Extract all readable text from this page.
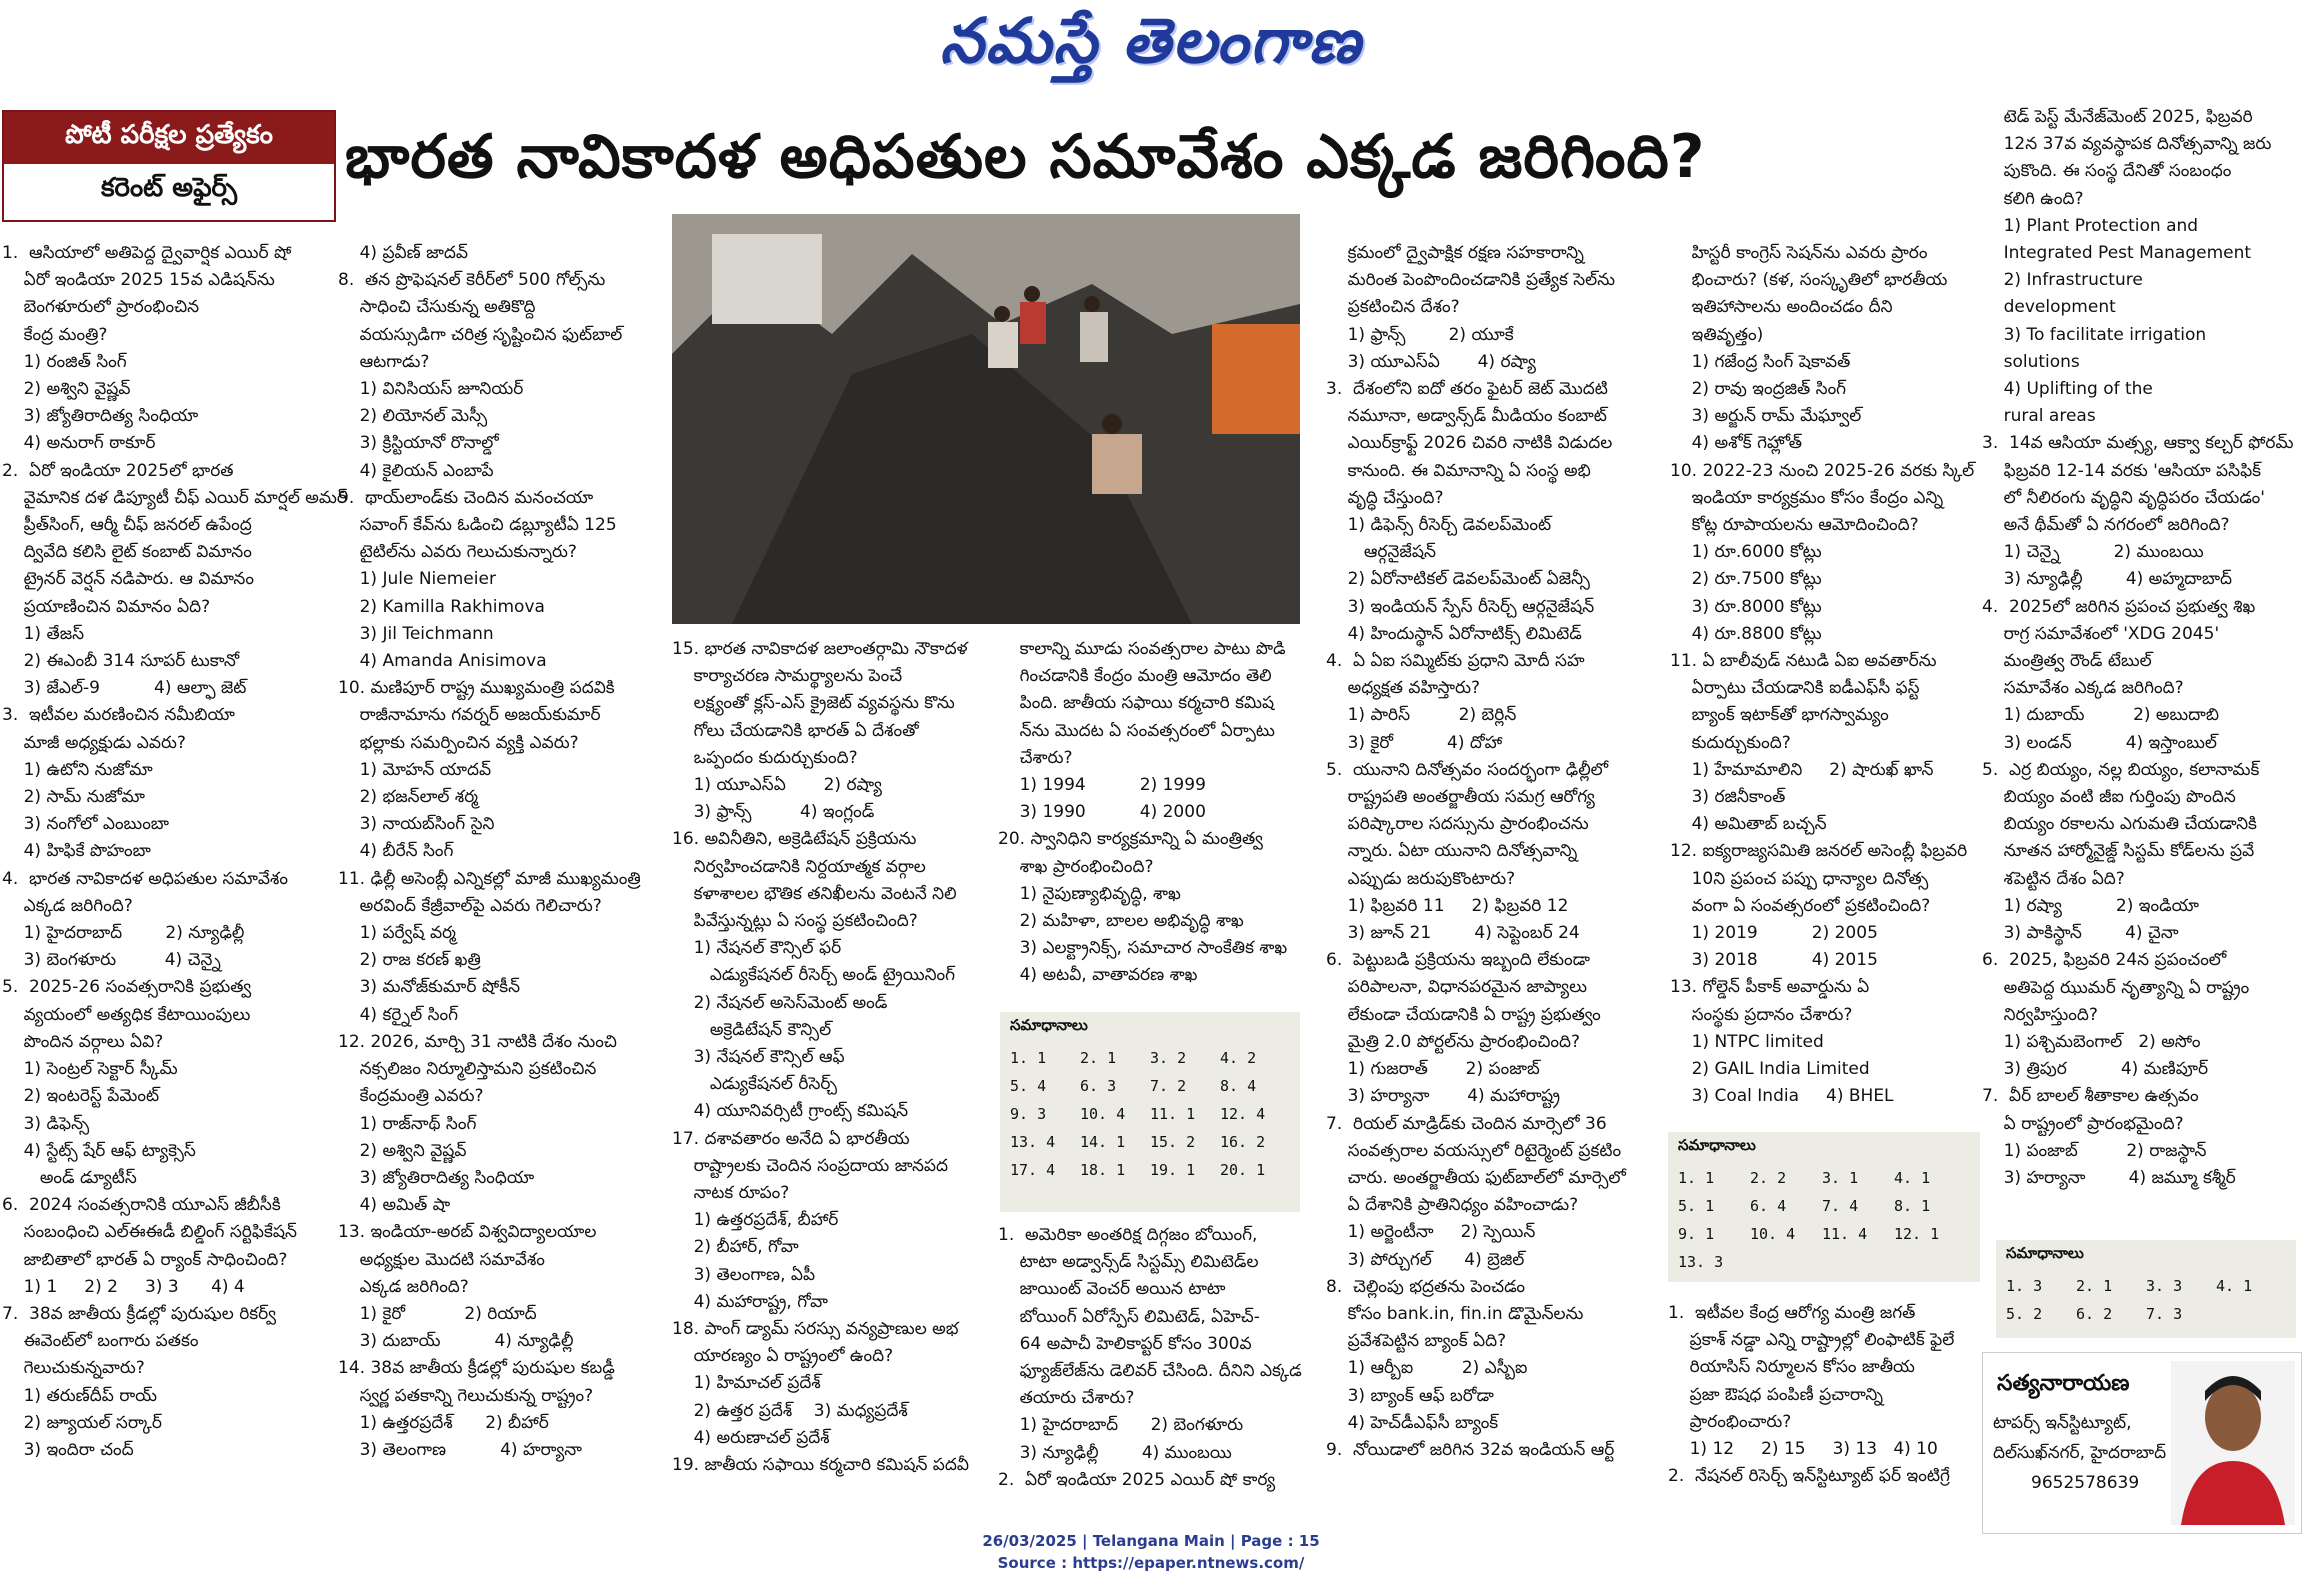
నమస్తే తెలంగాణ
పోటీ పరీక్షల ప్రత్యేకం
కరెంట్ అఫైర్స్	భారత నావికాదళ అధిపతుల సమావేశం ఎక్కడ జరిగింది?
1.  ఆసియాలో అతిపెద్ద ద్వైవార్షిక ఎయిర్ షో
ఏరో ఇండియా 2025 15వ ఎడిషన్‌ను
బెంగళూరులో ప్రారంభించిన
కేంద్ర మంత్రి?
1) రంజిత్ సింగ్
2) అశ్విని వైష్ణవ్
3) జ్యోతిరాదిత్య సింధియా
4) అనురాగ్ ఠాకూర్
2.  ఏరో ఇండియా 2025లో భారత
వైమానిక దళ డిప్యూటీ చీఫ్ ఎయిర్ మార్షల్ అమర్
ప్రీత్‌సింగ్, ఆర్మీ చీఫ్ జనరల్ ఉపేంద్ర
ద్వివేది కలిసి లైట్ కంబాట్ విమానం
ట్రైనర్ వెర్షన్ నడిపారు. ఆ విమానం
ప్రయాణించిన విమానం ఏది?
1) తేజస్
2) ఈఎంబీ 314 సూపర్ టుకానో
3) జేఎల్-9          4) ఆల్ఫా జెట్
3.  ఇటీవల మరణించిన నమీబియా
మాజీ అధ్యక్షుడు ఎవరు?
1) ఉటోని నుజోమా
2) సామ్ నుజోమా
3) నంగోలో ఎంబుంబా
4) హిఫికే పొహంబా
4.  భారత నావికాదళ అధిపతుల సమావేశం
ఎక్కడ జరిగింది?
1) హైదరాబాద్        2) న్యూఢిల్లీ
3) బెంగళూరు         4) చెన్నై
5.  2025-26 సంవత్సరానికి ప్రభుత్వ
వ్యయంలో అత్యధిక కేటాయింపులు
పొందిన వర్గాలు ఏవి?
1) సెంట్రల్ సెక్టార్ స్కీమ్
2) ఇంటరెస్ట్ పేమెంట్
3) డిఫెన్స్
4) స్టేట్స్ షేర్ ఆఫ్ ట్యాక్సెస్
అండ్ డ్యూటీస్
6.  2024 సంవత్సరానికి యూఎస్ జీబీసీకి
సంబంధించి ఎల్ఈఈడీ బిల్డింగ్ సర్టిఫికేషన్
జాబితాలో భారత్ ఏ ర్యాంక్ సాధించింది?
1) 1     2) 2     3) 3      4) 4
7.  38వ జాతీయ క్రీడల్లో పురుషుల రికర్వ్
ఈవెంట్‌లో బంగారు పతకం
గెలుచుకున్నవారు?
1) తరుణ్‌దీప్ రాయ్
2) జ్యూయల్ సర్కార్
3) ఇందిరా చంద్
4) ప్రవీణ్ జాదవ్
8.  తన ప్రొఫెషనల్ కెరీర్‌లో 500 గోల్స్‌ను
సాధించి చేసుకున్న అతికొద్ది
వయస్సుడిగా చరిత్ర సృష్టించిన ఫుట్‌బాల్
ఆటగాడు?
1) వినిసియస్ జూనియర్
2) లియోనల్ మెస్సీ
3) క్రిస్టియానో రొనాల్డో
4) కైలియన్ ఎంబాపే
9.  థాయ్‌లాండ్‌కు చెందిన మనంచయా
సవాంగ్ కేవ్‌ను ఓడించి డబ్ల్యూటీఏ 125
టైటిల్‌ను ఎవరు గెలుచుకున్నారు?
1) Jule Niemeier
2) Kamilla Rakhimova
3) Jil Teichmann
4) Amanda Anisimova
10. మణిపూర్ రాష్ట్ర ముఖ్యమంత్రి పదవికి
రాజీనామాను గవర్నర్ అజయ్‌కుమార్
భల్లాకు సమర్పించిన వ్యక్తి ఎవరు?
1) మోహన్ యాదవ్
2) భజన్‌లాల్ శర్మ
3) నాయబ్‌సింగ్ సైని
4) బీరేన్ సింగ్
11. ఢిల్లీ అసెంబ్లీ ఎన్నికల్లో మాజీ ముఖ్యమంత్రి
అరవింద్ కేజ్రీవాల్‌పై ఎవరు గెలిచారు?
1) పర్వేష్ వర్మ
2) రాజ కరణ్ ఖత్రి
3) మనోజ్‌కుమార్ షోకీన్
4) కర్నైల్ సింగ్
12. 2026, మార్చి 31 నాటికి దేశం నుంచి
నక్సలిజం నిర్మూలిస్తామని ప్రకటించిన
కేంద్రమంత్రి ఎవరు?
1) రాజ్‌నాథ్ సింగ్
2) అశ్విని వైష్ణవ్
3) జ్యోతిరాదిత్య సింధియా
4) అమిత్ షా
13. ఇండియా-అరబ్ విశ్వవిద్యాలయాల
అధ్యక్షుల మొదటి సమావేశం
ఎక్కడ జరిగింది?
1) కైరో           2) రియాద్
3) దుబాయ్          4) న్యూఢిల్లీ
14. 38వ జాతీయ క్రీడల్లో పురుషుల కబడ్డీ
స్వర్ణ పతకాన్ని గెలుచుకున్న రాష్ట్రం?
1) ఉత్తరప్రదేశ్      2) బీహార్
3) తెలంగాణ          4) హర్యానా
15. భారత నావికాదళ జలాంతర్గామి నౌకాదళ
కార్యాచరణ సామర్థ్యాలను పెంచే
లక్ష్యంతో క్లస్-ఎస్ క్రైజెట్ వ్యవస్థను కొను
గోలు చేయడానికి భారత్ ఏ దేశంతో
ఒప్పందం కుదుర్చుకుంది?
1) యూఎస్ఏ       2) రష్యా
3) ఫ్రాన్స్         4) ఇంగ్లండ్
16. అవినీతిని, అక్రెడిటేషన్ ప్రక్రియను
నిర్వహించడానికి నిర్దయాత్మక వర్గాల
కళాశాలల భౌతిక తనిఖీలను వెంటనే నిలి
పివేస్తున్నట్లు ఏ సంస్థ ప్రకటించింది?
1) నేషనల్ కౌన్సిల్ ఫర్
ఎడ్యుకేషనల్ రీసెర్చ్ అండ్ ట్రైయినింగ్
2) నేషనల్ అసెస్‌మెంట్ అండ్
అక్రెడిటేషన్ కౌన్సిల్
3) నేషనల్ కౌన్సిల్ ఆఫ్
ఎడ్యుకేషనల్ రీసెర్చ్
4) యూనివర్సిటీ గ్రాంట్స్ కమిషన్
17. దశావతారం అనేది ఏ భారతీయ
రాష్ట్రాలకు చెందిన సంప్రదాయ జానపద
నాటక రూపం?
1) ఉత్తరప్రదేశ్, బీహార్
2) బీహార్, గోవా
3) తెలంగాణ, ఏపీ
4) మహారాష్ట్ర, గోవా
18. పాంగ్ డ్యామ్ సరస్సు వన్యప్రాణుల అభ
యారణ్యం ఏ రాష్ట్రంలో ఉంది?
1) హిమాచల్ ప్రదేశ్
2) ఉత్తర ప్రదేశ్    3) మధ్యప్రదేశ్
4) అరుణాచల్ ప్రదేశ్
19. జాతీయ సఫాయి కర్మచారి కమిషన్ పదవీ
కాలాన్ని మూడు సంవత్సరాల పాటు పొడి
గించడానికి కేంద్రం మంత్రి ఆమోదం తెలి
పింది. జాతీయ సఫాయి కర్మచారి కమిష
న్‌ను మొదట ఏ సంవత్సరంలో ఏర్పాటు
చేశారు?
1) 1994          2) 1999
3) 1990          4) 2000
20. స్వానిధిని కార్యక్రమాన్ని ఏ మంత్రిత్వ
శాఖ ప్రారంభించింది?
1) నైపుణ్యాభివృద్ధి, శాఖ
2) మహిళా, బాలల అభివృద్ధి శాఖ
3) ఎలక్ట్రానిక్స్, సమాచార సాంకేతిక శాఖ
4) అటవీ, వాతావరణ శాఖ
సమాధానాలు
1. 1	2. 1	3. 2	4. 2
5. 4	6. 3	7. 2	8. 4
9. 3	10. 4	11. 1	12. 4
13. 4	14. 1	15. 2	16. 2
17. 4	18. 1	19. 1	20. 1
1.  అమెరికా అంతరిక్ష దిగ్గజం బోయింగ్,
టాటా అడ్వాన్స్‌డ్ సిస్టమ్స్ లిమిటెడ్‌ల
జాయింట్ వెంచర్ అయిన టాటా
బోయింగ్ ఏరోస్పేస్ లిమిటెడ్, ఏహెచ్-
64 అపాచీ హెలికాప్టర్ కోసం 300వ
ఫ్యూజ్‌లేజ్‌ను డెలివర్ చేసింది. దీనిని ఎక్కడ
తయారు చేశారు?
1) హైదరాబాద్      2) బెంగళూరు
3) న్యూఢిల్లీ        4) ముంబయి
2.  ఏరో ఇండియా 2025 ఎయిర్ షో కార్య
క్రమంలో ద్వైపాక్షిక రక్షణ సహకారాన్ని
మరింత పెంపొందించడానికి ప్రత్యేక సెల్‌ను
ప్రకటించిన దేశం?
1) ఫ్రాన్స్        2) యూకే
3) యూఎస్ఏ       4) రష్యా
3.  దేశంలోని ఐదో తరం ఫైటర్ జెట్ మొదటి
నమూనా, అడ్వాన్స్‌డ్ మీడియం కంబాట్
ఎయిర్‌క్రాఫ్ట్ 2026 చివరి నాటికి విడుదల
కానుంది. ఈ విమానాన్ని ఏ సంస్థ అభి
వృద్ధి చేస్తుంది?
1) డిఫెన్స్ రీసెర్చ్ డెవలప్‌మెంట్
ఆర్గనైజేషన్
2) ఏరోనాటికల్ డెవలప్‌మెంట్ ఏజెన్సీ
3) ఇండియన్ స్పేస్ రీసెర్చ్ ఆర్గనైజేషన్
4) హిందుస్థాన్ ఏరోనాటిక్స్ లిమిటెడ్
4.  ఏ ఏఐ సమ్మిట్‌కు ప్రధాని మోదీ సహ
అధ్యక్షత వహిస్తారు?
1) పారిస్         2) బెర్లిన్
3) కైరో          4) దోహా
5.  యునాని దినోత్సవం సందర్భంగా ఢిల్లీలో
రాష్ట్రపతి అంతర్జాతీయ సమగ్ర ఆరోగ్య
పరిష్కారాల సదస్సును ప్రారంభించను
న్నారు. ఏటా యునాని దినోత్సవాన్ని
ఎప్పుడు జరుపుకొంటారు?
1) ఫిబ్రవరి 11     2) ఫిబ్రవరి 12
3) జూన్ 21        4) సెప్టెంబర్ 24
6.  పెట్టుబడి ప్రక్రియను ఇబ్బంది లేకుండా
పరిపాలనా, విధానపరమైన జాప్యాలు
లేకుండా చేయడానికి ఏ రాష్ట్ర ప్రభుత్వం
మైత్రి 2.0 పోర్టల్‌ను ప్రారంభించింది?
1) గుజరాత్       2) పంజాబ్
3) హర్యానా       4) మహారాష్ట్ర
7.  రియల్ మాడ్రిడ్‌కు చెందిన మార్సెలో 36
సంవత్సరాల వయస్సులో రిటైర్మెంట్ ప్రకటిం
చారు. అంతర్జాతీయ ఫుట్‌బాల్‌లో మార్సెలో
ఏ దేశానికి ప్రాతినిధ్యం వహించాడు?
1) అర్జెంటీనా     2) స్పెయిన్
3) పోర్చుగల్      4) బ్రెజిల్
8.  చెల్లింపు భద్రతను పెంచడం
కోసం bank.in, fin.in డొమైన్‌లను
ప్రవేశపెట్టిన బ్యాంక్ ఏది?
1) ఆర్బీఐ         2) ఎస్బీఐ
3) బ్యాంక్ ఆఫ్ బరోడా
4) హెచ్‌డీఎఫ్‌సీ బ్యాంక్
9.  నోయిడాలో జరిగిన 32వ ఇండియన్ ఆర్ట్
హిస్టరీ కాంగ్రెస్ సెషన్‌ను ఎవరు ప్రారం
భించారు? (కళ, సంస్కృతిలో భారతీయ
ఇతిహాసాలను అందించడం దీని
ఇతివృత్తం)
1) గజేంద్ర సింగ్ షెకావత్
2) రావు ఇంద్రజిత్ సింగ్
3) అర్జున్ రామ్ మేఘ్వాల్
4) అశోక్ గెహ్లోత్
10. 2022-23 నుంచి 2025-26 వరకు స్కిల్
ఇండియా కార్యక్రమం కోసం కేంద్రం ఎన్ని
కోట్ల రూపాయలను ఆమోదించింది?
1) రూ.6000 కోట్లు
2) రూ.7500 కోట్లు
3) రూ.8000 కోట్లు
4) రూ.8800 కోట్లు
11. ఏ బాలీవుడ్ నటుడి ఏఐ అవతార్‌ను
ఏర్పాటు చేయడానికి ఐడీఎఫ్‌సీ ఫస్ట్
బ్యాంక్ ఇటాక్‌తో భాగస్వామ్యం
కుదుర్చుకుంది?
1) హేమామాలిని     2) షారుఖ్ ఖాన్
3) రజినీకాంత్
4) అమితాబ్ బచ్చన్
12. ఐక్యరాజ్యసమితి జనరల్ అసెంబ్లీ ఫిబ్రవరి
10ని ప్రపంచ పప్పు ధాన్యాల దినోత్స
వంగా ఏ సంవత్సరంలో ప్రకటించింది?
1) 2019          2) 2005
3) 2018          4) 2015
13. గోల్డెన్ పీకాక్ అవార్డును ఏ
సంస్థకు ప్రదానం చేశారు?
1) NTPC limited
2) GAIL India Limited
3) Coal India     4) BHEL
సమాధానాలు
1. 1	2. 2	3. 1	4. 1
5. 1	6. 4	7. 4	8. 1
9. 1	10. 4	11. 4	12. 1
13. 3			
1.  ఇటీవల కేంద్ర ఆరోగ్య మంత్రి జగత్
ప్రకాశ్ నడ్డా ఎన్ని రాష్ట్రాల్లో లింఫాటిక్ ఫైలే
రియాసిస్ నిర్మూలన కోసం జాతీయ
ప్రజా ఔషధ పంపిణీ ప్రచారాన్ని
ప్రారంభించారు?
1) 12     2) 15     3) 13   4) 10
2.  నేషనల్ రిసెర్చ్ ఇన్‌స్టిట్యూట్ ఫర్ ఇంటిగ్రే
టెడ్ పెస్ట్ మేనేజ్‌మెంట్ 2025, ఫిబ్రవరి
12న 37వ వ్యవస్థాపక దినోత్సవాన్ని జరు
పుకొంది. ఈ సంస్థ దేనితో సంబంధం
కలిగి ఉంది?
1) Plant Protection and
Integrated Pest Management
2) Infrastructure
development
3) To facilitate irrigation
solutions
4) Uplifting of the
rural areas
3.  14వ ఆసియా మత్స్య, ఆక్వా కల్చర్ ఫోరమ్
ఫిబ్రవరి 12-14 వరకు 'ఆసియా పసిఫిక్
లో నీలిరంగు వృద్ధిని వృద్ధిపరం చేయడం'
అనే థీమ్‌తో ఏ నగరంలో జరిగింది?
1) చెన్నై          2) ముంబయి
3) న్యూఢిల్లీ        4) అహ్మదాబాద్
4.  2025లో జరిగిన ప్రపంచ ప్రభుత్వ శిఖ
రాగ్ర సమావేశంలో 'XDG 2045'
మంత్రిత్వ రౌండ్ టేబుల్
సమావేశం ఎక్కడ జరిగింది?
1) దుబాయ్         2) అబుదాబి
3) లండన్          4) ఇస్తాంబుల్
5.  ఎర్ర బియ్యం, నల్ల బియ్యం, కలానామక్
బియ్యం వంటి జీఐ గుర్తింపు పొందిన
బియ్యం రకాలను ఎగుమతి చేయడానికి
నూతన హార్మోనైజ్డ్ సిస్టమ్ కోడ్‌లను ప్రవే
శపెట్టిన దేశం ఏది?
1) రష్యా          2) ఇండియా
3) పాకిస్థాన్        4) చైనా
6.  2025, ఫిబ్రవరి 24న ప్రపంచంలో
అతిపెద్ద ఝుమర్ నృత్యాన్ని ఏ రాష్ట్రం
నిర్వహిస్తుంది?
1) పశ్చిమబెంగాల్   2) అసోం
3) త్రిపుర          4) మణిపూర్
7.  వీర్ బాలల్ శీతాకాల ఉత్సవం
ఏ రాష్ట్రంలో ప్రారంభమైంది?
1) పంజాబ్         2) రాజస్థాన్
3) హర్యానా        4) జమ్మూ కశ్మీర్
సమాధానాలు
1. 3	2. 1	3. 3	4. 1
5. 2	6. 2	7. 3	
సత్యనారాయణ
టాపర్స్ ఇన్‌స్టిట్యూట్,
దిల్‌సుఖ్‌నగర్, హైదరాబాద్
9652578639
26/03/2025 | Telangana Main | Page : 15
Source : https://epaper.ntnews.com/
